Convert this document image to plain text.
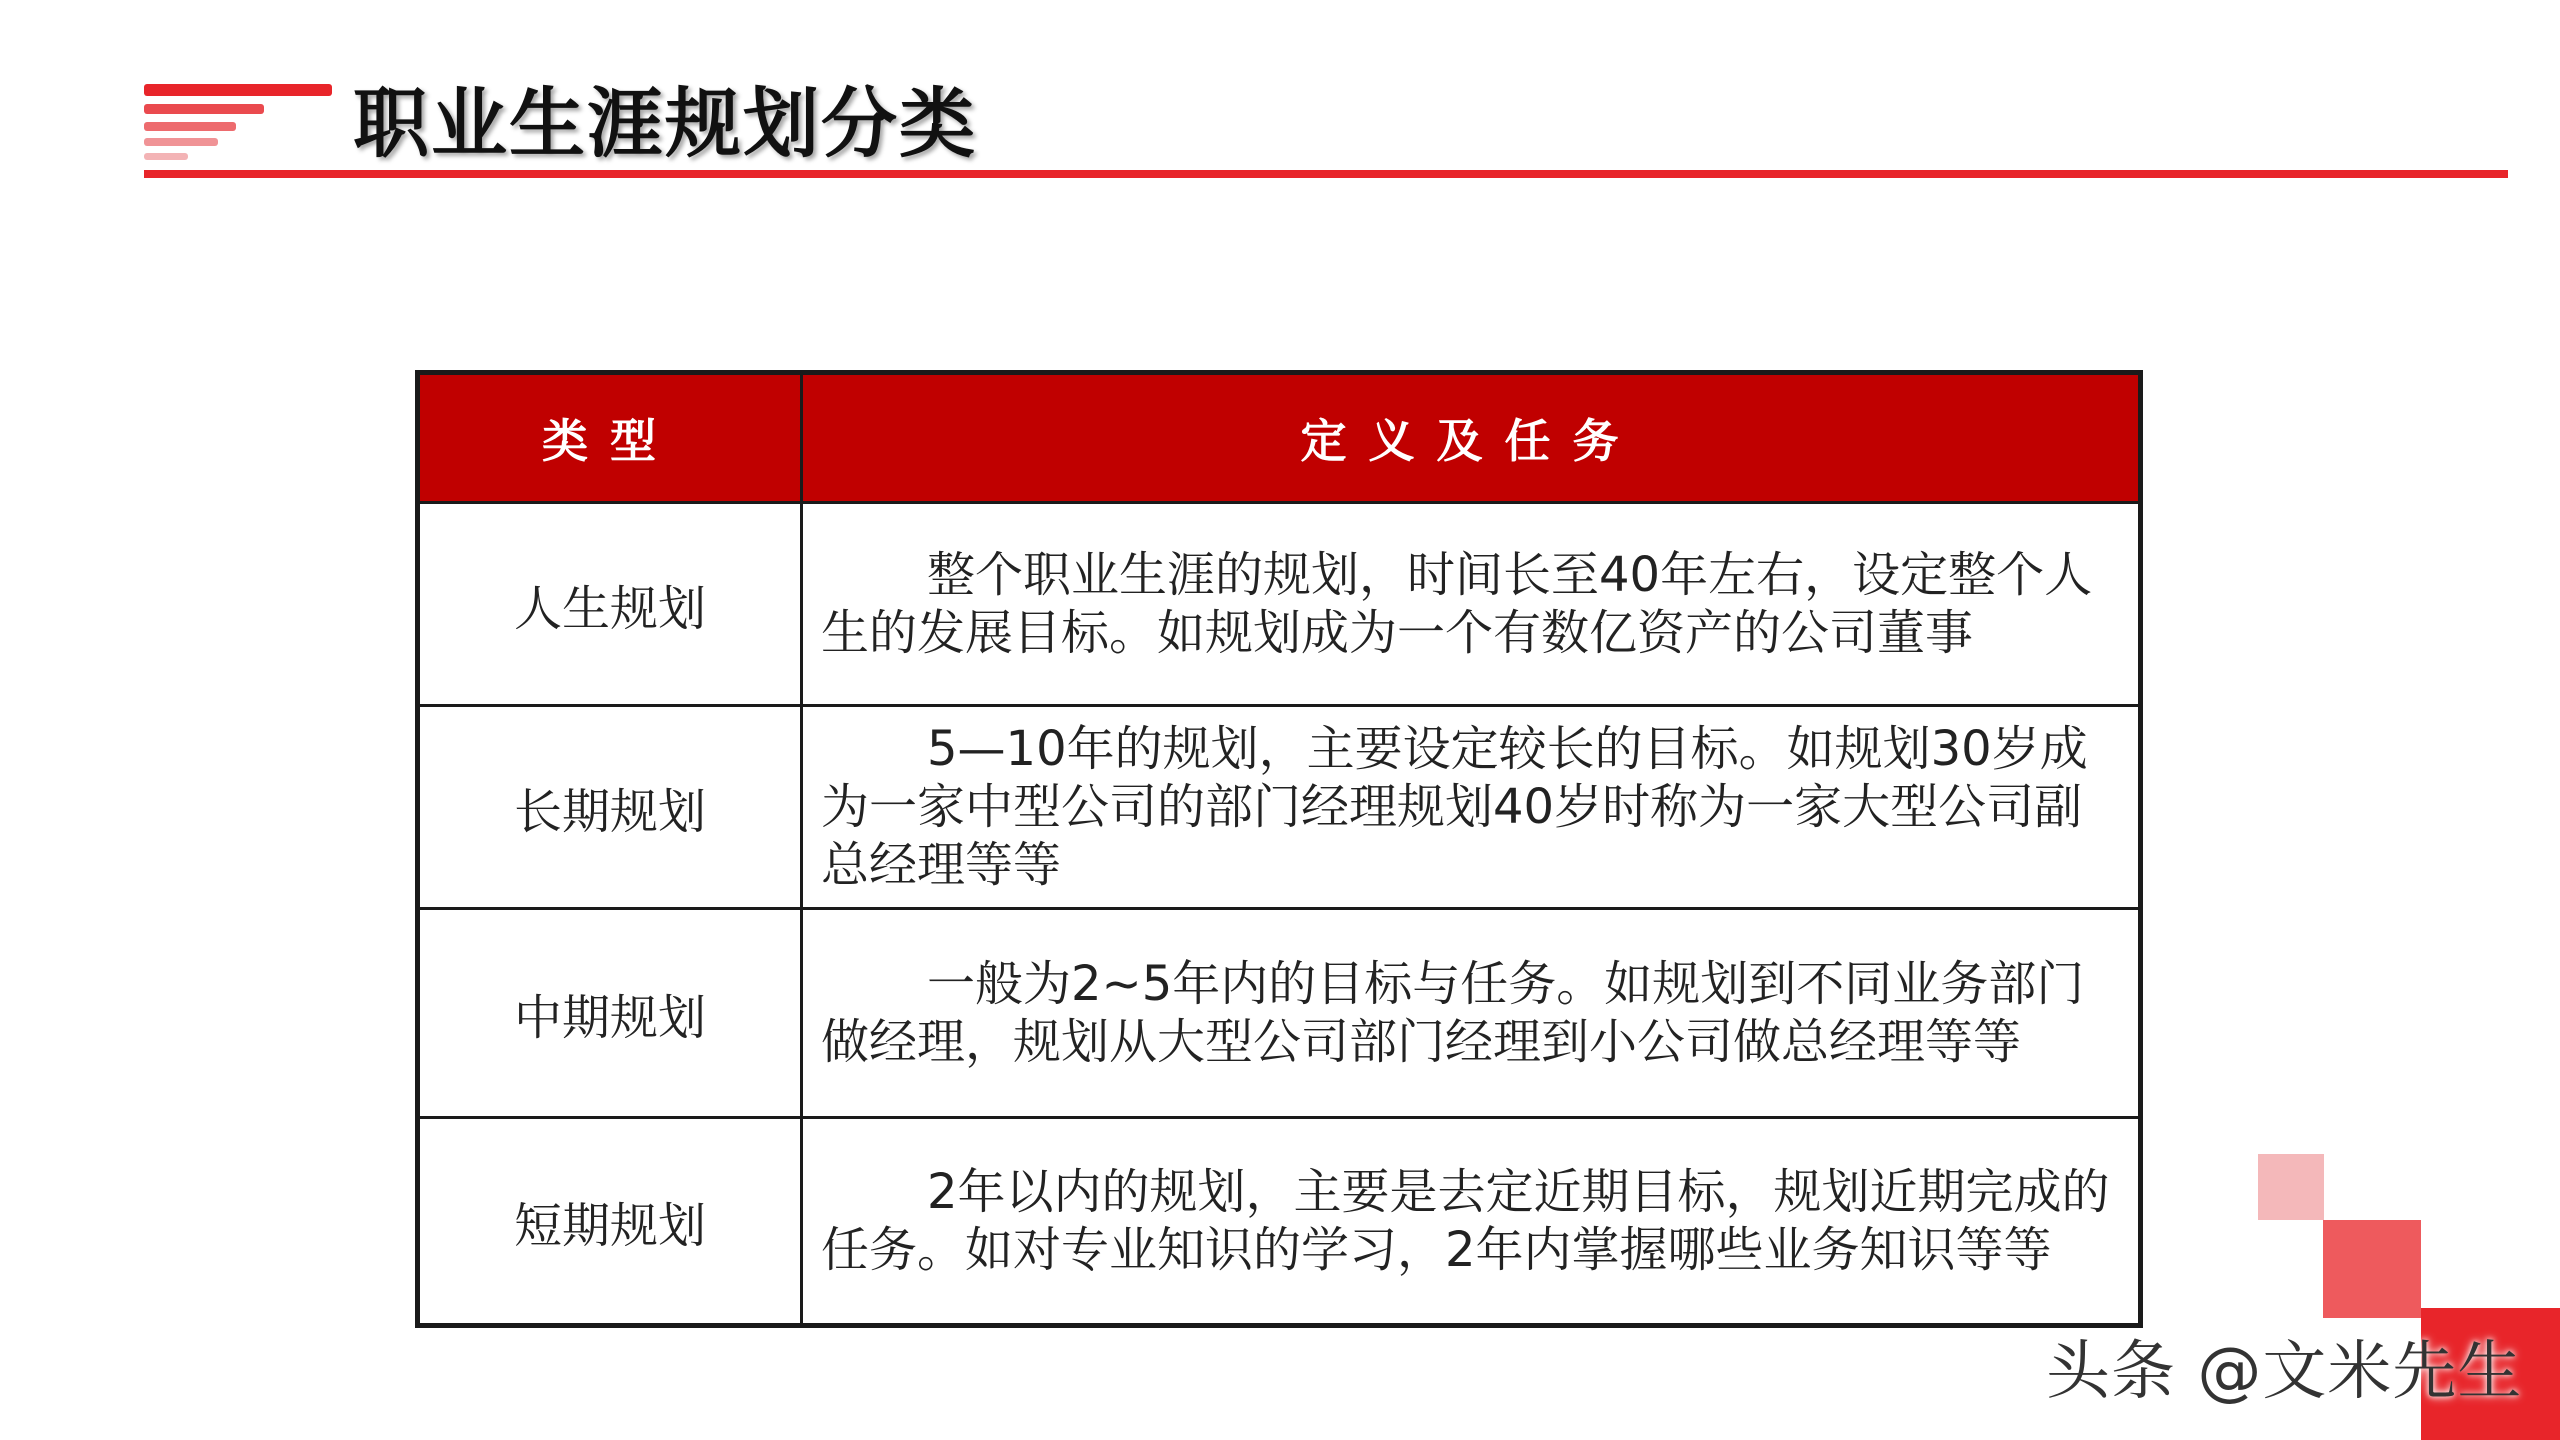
职业生涯规划分类
类型	定义及任务
人生规划	整个职业生涯的规划，时间长至40年左右，设定整个人生的发展目标。如规划成为一个有数亿资产的公司董事
长期规划	5—10年的规划，主要设定较长的目标。如规划30岁成为一家中型公司的部门经理规划40岁时称为一家大型公司副总经理等等
中期规划	一般为2~5年内的目标与任务。如规划到不同业务部门做经理，规划从大型公司部门经理到小公司做总经理等等
短期规划	2年以内的规划，主要是去定近期目标，规划近期完成的任务。如对专业知识的学习，2年内掌握哪些业务知识等等
头条 @文米先生
